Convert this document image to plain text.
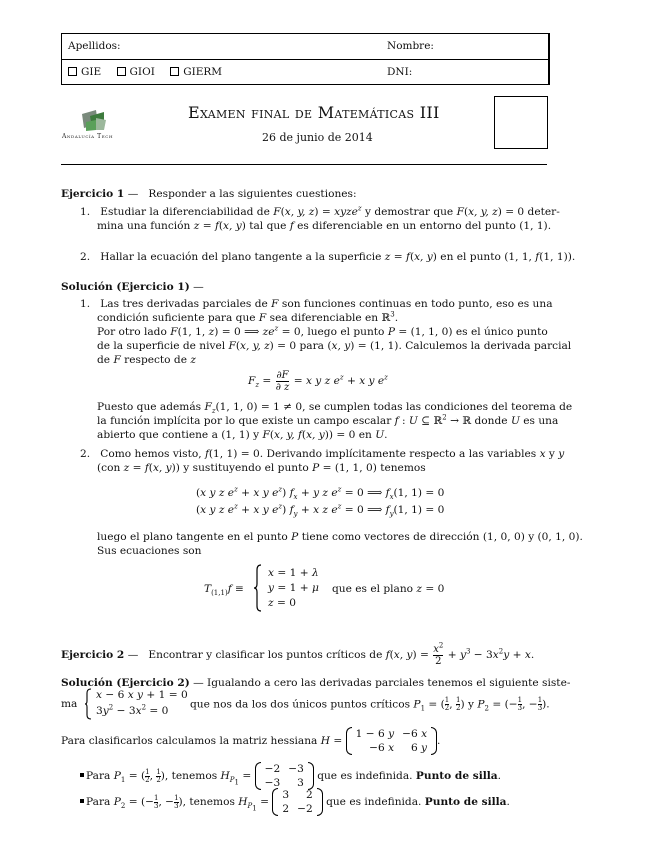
Apellidos:	Nombre:
GIE	GIOI	GIERM	DNI:
Andalucía Tech
Examen final de Matemáticas III
26 de junio de 2014
Ejercicio 1 — Responder a las siguientes cuestiones:
1.   Estudiar la diferenciabilidad de F(x, y, z) = xyze$^z$ y demostrar que F(x, y, z) = 0 deter-
mina una función z = f(x, y) tal que f es diferenciable en un entorno del punto (1, 1).
2.   Hallar la ecuación del plano tangente a la superficie z = f(x, y) en el punto (1, 1, f(1, 1)).
Solución (Ejercicio 1) —
1.   Las tres derivadas parciales de F son funciones continuas en todo punto, eso es una
condición suficiente para que F sea diferenciable en ℝ$^3$.
Por otro lado F(1, 1, z) = 0 ⟹ $ze^z = 0$, luego el punto P = (1, 1, 0) es el único punto
de la superficie de nivel F(x, y, z) = 0 para (x, y) = (1, 1). Calculemos la derivada parcial
de F respecto de z
$F_z = \frac{\partial F}{\partial z} = x$ y z $e^z + x$ y $e^z$
Puesto que además $F_z(1$, 1, 0) = 1 ≠ 0, se cumplen todas las condiciones del teorema de
la función implícita por lo que existe un campo escalar f : U ⊆ ℝ$^2$ → ℝ donde U es una
abierto que contiene a (1, 1) y F(x, y, f(x, y)) = 0 en U.
2.   Como hemos visto, f(1, 1) = 0. Derivando implícitamente respecto a las variables x y y
(con z = f(x, y)) y sustituyendo el punto P = (1, 1, 0) tenemos
(x y z $e^z + x$ y $e^z$) $f_x + y$ z $e^z = 0$ ⟹ $f_x(1$, 1) = 0
(x y z $e^z + x$ y $e^z$) $f_y + x$ z $e^z = 0$ ⟹ $f_y(1$, 1) = 0
luego el plano tangente en el punto P tiene como vectores de dirección (1, 0, 0) y (0, 1, 0).
Sus ecuaciones son
$T_{(1,1)}f$ ≡
x = 1 + λ
y = 1 + μ
z = 0
que es el plano z = 0
Ejercicio 2 — Encontrar y clasificar los puntos críticos de f(x, $y) = \frac{x^2}{2} + y^3 - 3x^2y + x$.
Solución (Ejercicio 2) — Igualando a cero las derivadas parciales tenemos el siguiente siste-
ma
x − 6 x y + 1 = 0
$3y^2 - 3x^2 = 0$
que nos da los dos únicos puntos críticos $P_1$ = ( $\frac{1}{2}$ , $\frac{1}{2}$ ) y $P_2$ = (− $\frac{1}{3}$ , − $\frac{1}{3}$ ).
Para clasificarlos calculamos la matriz hessiana H =
1 − 6 y	−6 x
−6 x	6 y
.
Para $P_1$ = ( $\frac{1}{2}$ , $\frac{1}{2}$ ), tenemos $H_{P_1}$ =
−2	−3
−3	3
que es indefinida. Punto de silla.
Para $P_2$ = (− $\frac{1}{3}$ , − $\frac{1}{3}$ ), tenemos $H_{P_1}$ =
3	2
2	−2
que es indefinida. Punto de silla.
